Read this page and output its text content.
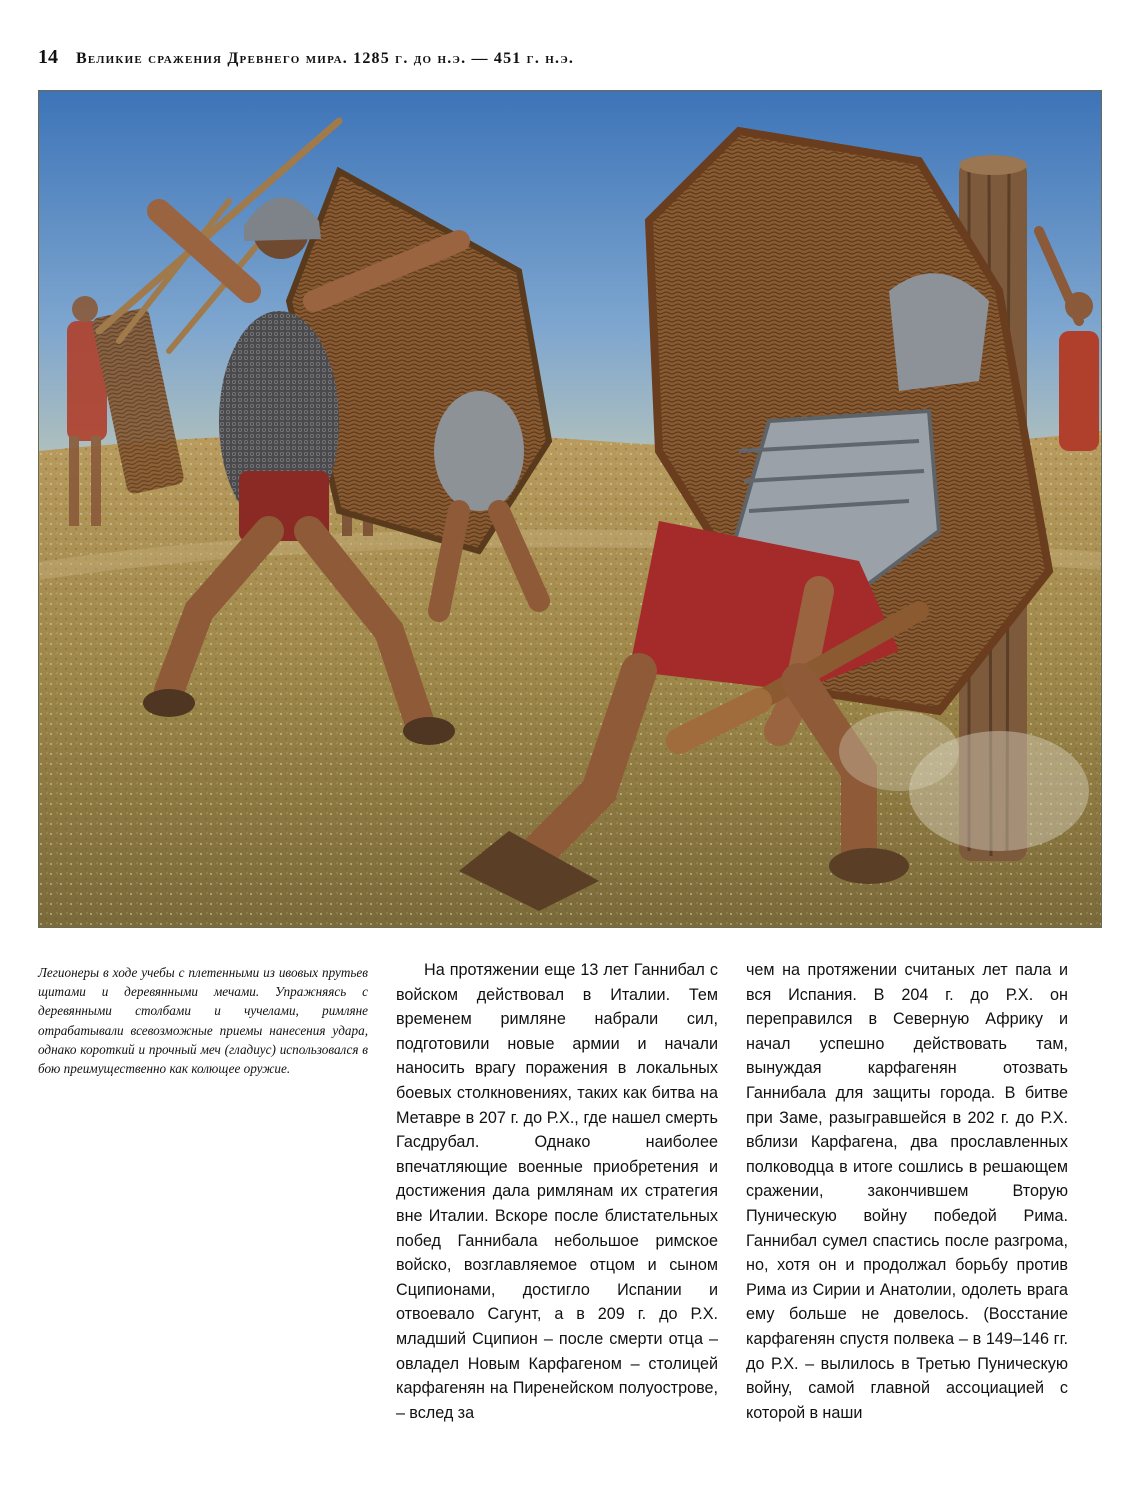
14 Великие сражения Древнего мира. 1285 г. до н.э. — 451 г. н.э.

Легионеры в ходе учебы с плетенными из ивовых прутьев щитами и деревянными мечами. Упражняясь с деревянными столбами и чучелами, римляне отрабатывали всевозможные приемы нанесения удара, однако короткий и прочный меч (гладиус) использовался в бою преимущественно как колющее оружие.

На протяжении еще 13 лет Ганнибал с войском действовал в Италии. Тем временем римляне набрали сил, подготовили новые армии и начали наносить врагу поражения в локальных боевых столкновениях, таких как битва на Метавре в 207 г. до Р.Х., где нашел смерть Гасдрубал. Однако наиболее впечатляющие военные приобретения и достижения дала римлянам их стратегия вне Италии. Вскоре после блистательных побед Ганнибала небольшое римское войско, возглавляемое отцом и сыном Сципионами, достигло Испании и отвоевало Сагунт, а в 209 г. до Р.Х. младший Сципион – после смерти отца – овладел Новым Карфагеном – столицей карфагенян на Пиренейском полуострове, – вслед за

чем на протяжении считаных лет пала и вся Испания. В 204 г. до Р.Х. он переправился в Северную Африку и начал успешно действовать там, вынуждая карфагенян отозвать Ганнибала для защиты города. В битве при Заме, разыгравшейся в 202 г. до Р.Х. вблизи Карфагена, два прославленных полководца в итоге сошлись в решающем сражении, закончившем Вторую Пуническую войну победой Рима. Ганнибал сумел спастись после разгрома, но, хотя он и продолжал борьбу против Рима из Сирии и Анатолии, одолеть врага ему больше не довелось. (Восстание карфагенян спустя полвека – в 149–146 гг. до Р.Х. – вылилось в Третью Пуническую войну, самой главной ассоциацией с которой в наши
